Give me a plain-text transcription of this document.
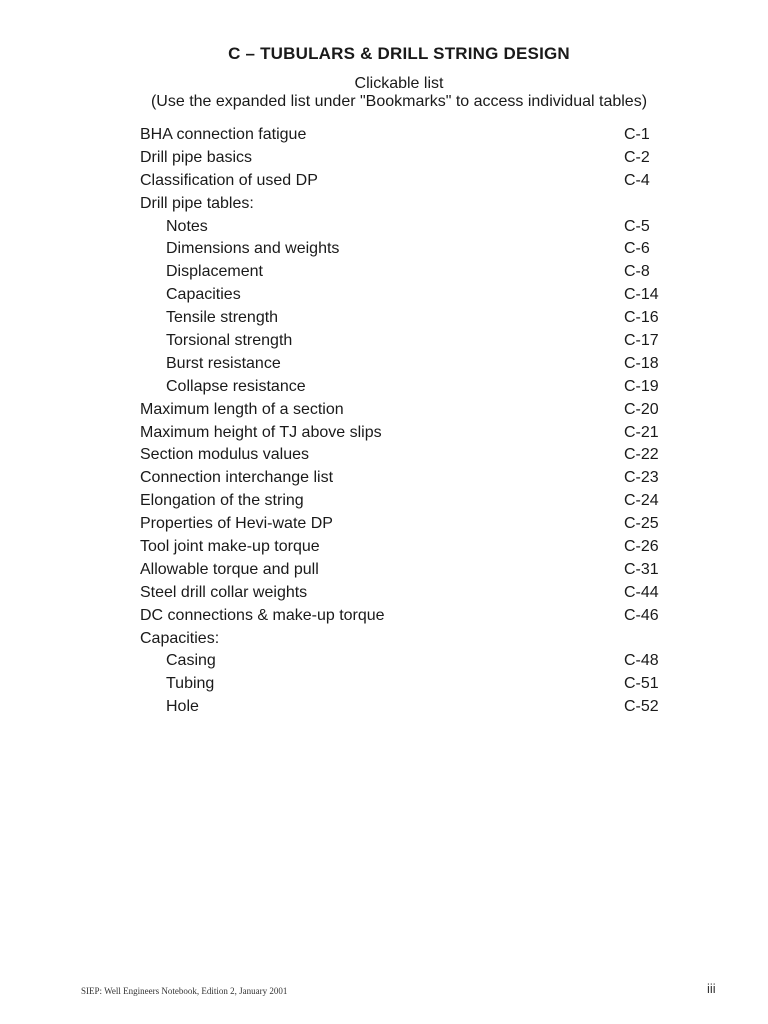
C – TUBULARS & DRILL STRING DESIGN
Clickable list
(Use the expanded list under "Bookmarks" to access individual tables)
BHA connection fatigue	C-1
Drill pipe basics	C-2
Classification of used DP	C-4
Drill pipe tables:
Notes	C-5
Dimensions and weights	C-6
Displacement	C-8
Capacities	C-14
Tensile strength	C-16
Torsional strength	C-17
Burst resistance	C-18
Collapse resistance	C-19
Maximum length of a section	C-20
Maximum height of TJ above slips	C-21
Section modulus values	C-22
Connection interchange list	C-23
Elongation of the string	C-24
Properties of Hevi-wate DP	C-25
Tool joint make-up torque	C-26
Allowable torque and pull	C-31
Steel drill collar weights	C-44
DC connections & make-up torque	C-46
Capacities:
Casing	C-48
Tubing	C-51
Hole	C-52
SIEP: Well Engineers Notebook, Edition 2, January 2001	iii
